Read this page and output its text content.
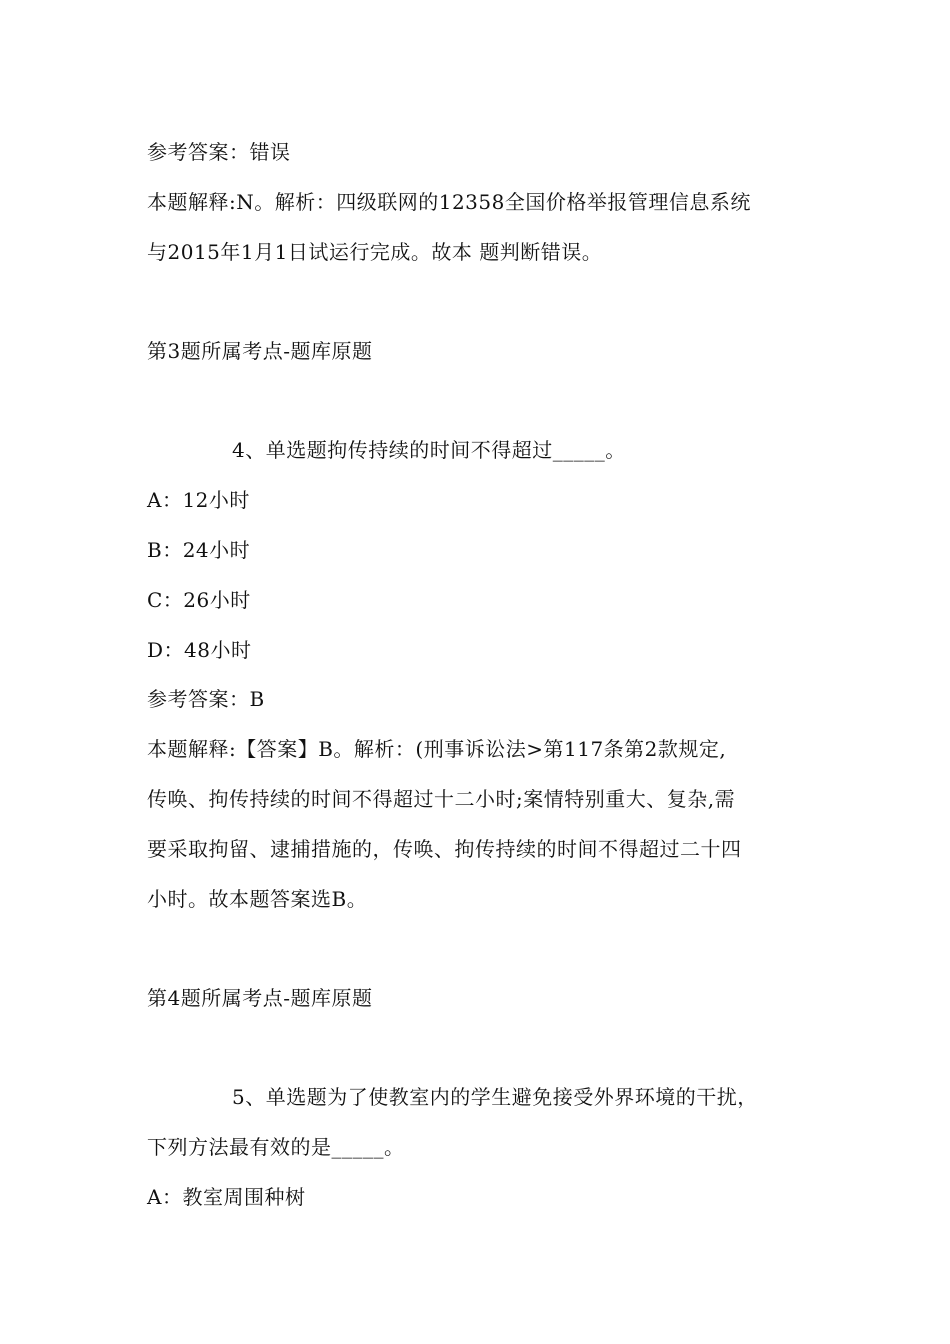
参考答案：错误
本题解释:N。解析：四级联网的12358全国价格举报管理信息系统
与2015年1月1日试运行完成。故本 题判断错误。
第3题所属考点-题库原题
4、单选题拘传持续的时间不得超过_____。
A：12小时
B：24小时
C：26小时
D：48小时
参考答案：B
本题解释:【答案】B。解析：(刑事诉讼法>第117条第2款规定,
传唤、拘传持续的时间不得超过十二小时;案情特别重大、复杂,需
要采取拘留、逮捕措施的，传唤、拘传持续的时间不得超过二十四
小时。故本题答案选B。
第4题所属考点-题库原题
5、单选题为了使教室内的学生避免接受外界环境的干扰，
下列方法最有效的是_____。
A：教室周围种树
